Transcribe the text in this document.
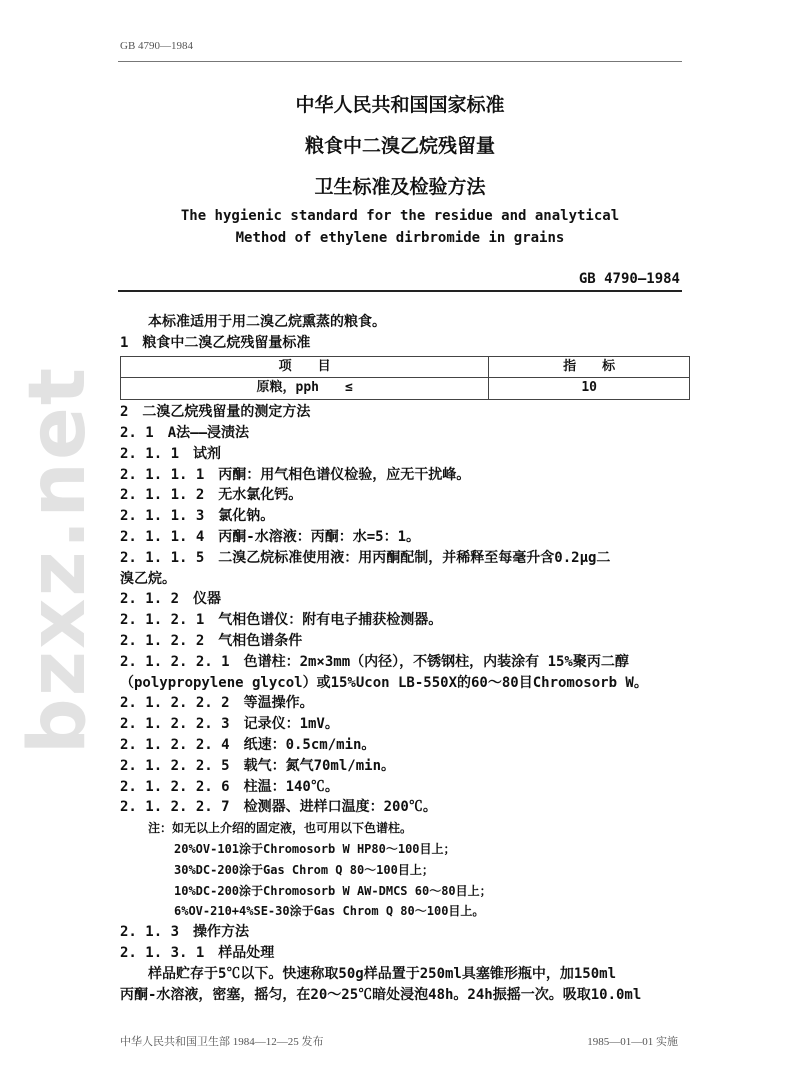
GB 4790—1984
bzxz.net
中华人民共和国国家标准
粮食中二溴乙烷残留量
卫生标准及检验方法
The hygienic standard for the residue and analytical
Method of ethylene dirbromide in grains
GB 4790—1984
本标准适用于用二溴乙烷熏蒸的粮食。
1　粮食中二溴乙烷残留量标准
项　　目	指　　标
原粮，pph　　≤	10
2　二溴乙烷残留量的测定方法
2. 1　A法——浸渍法
2. 1. 1　试剂
2. 1. 1. 1　丙酮：用气相色谱仪检验，应无干扰峰。
2. 1. 1. 2　无水氯化钙。
2. 1. 1. 3　氯化钠。
2. 1. 1. 4　丙酮-水溶液：丙酮：水=5：1。
2. 1. 1. 5　二溴乙烷标准使用液：用丙酮配制，并稀释至每毫升含0.2μg二
溴乙烷。
2. 1. 2　仪器
2. 1. 2. 1　气相色谱仪：附有电子捕获检测器。
2. 1. 2. 2　气相色谱条件
2. 1. 2. 2. 1　色谱柱：2m×3mm（内径），不锈钢柱，内装涂有 15%聚丙二醇
（polypropylene glycol）或15%Ucon LB-550X的60～80目Chromosorb W。
2. 1. 2. 2. 2　等温操作。
2. 1. 2. 2. 3　记录仪：1mV。
2. 1. 2. 2. 4　纸速：0.5cm/min。
2. 1. 2. 2. 5　载气：氮气70ml/min。
2. 1. 2. 2. 6　柱温：140℃。
2. 1. 2. 2. 7　检测器、进样口温度：200℃。
注：如无以上介绍的固定液，也可用以下色谱柱。
20%OV-101涂于Chromosorb W HP80～100目上；
30%DC-200涂于Gas Chrom Q 80～100目上；
10%DC-200涂于Chromosorb W AW-DMCS 60～80目上；
6%OV-210+4%SE-30涂于Gas Chrom Q 80～100目上。
2. 1. 3　操作方法
2. 1. 3. 1　样品处理
样品贮存于5℃以下。快速称取50g样品置于250ml具塞锥形瓶中，加150ml
丙酮-水溶液，密塞，摇匀，在20～25℃暗处浸泡48h。24h振摇一次。吸取10.0ml
中华人民共和国卫生部 1984—12—25 发布	1985—01—01 实施
